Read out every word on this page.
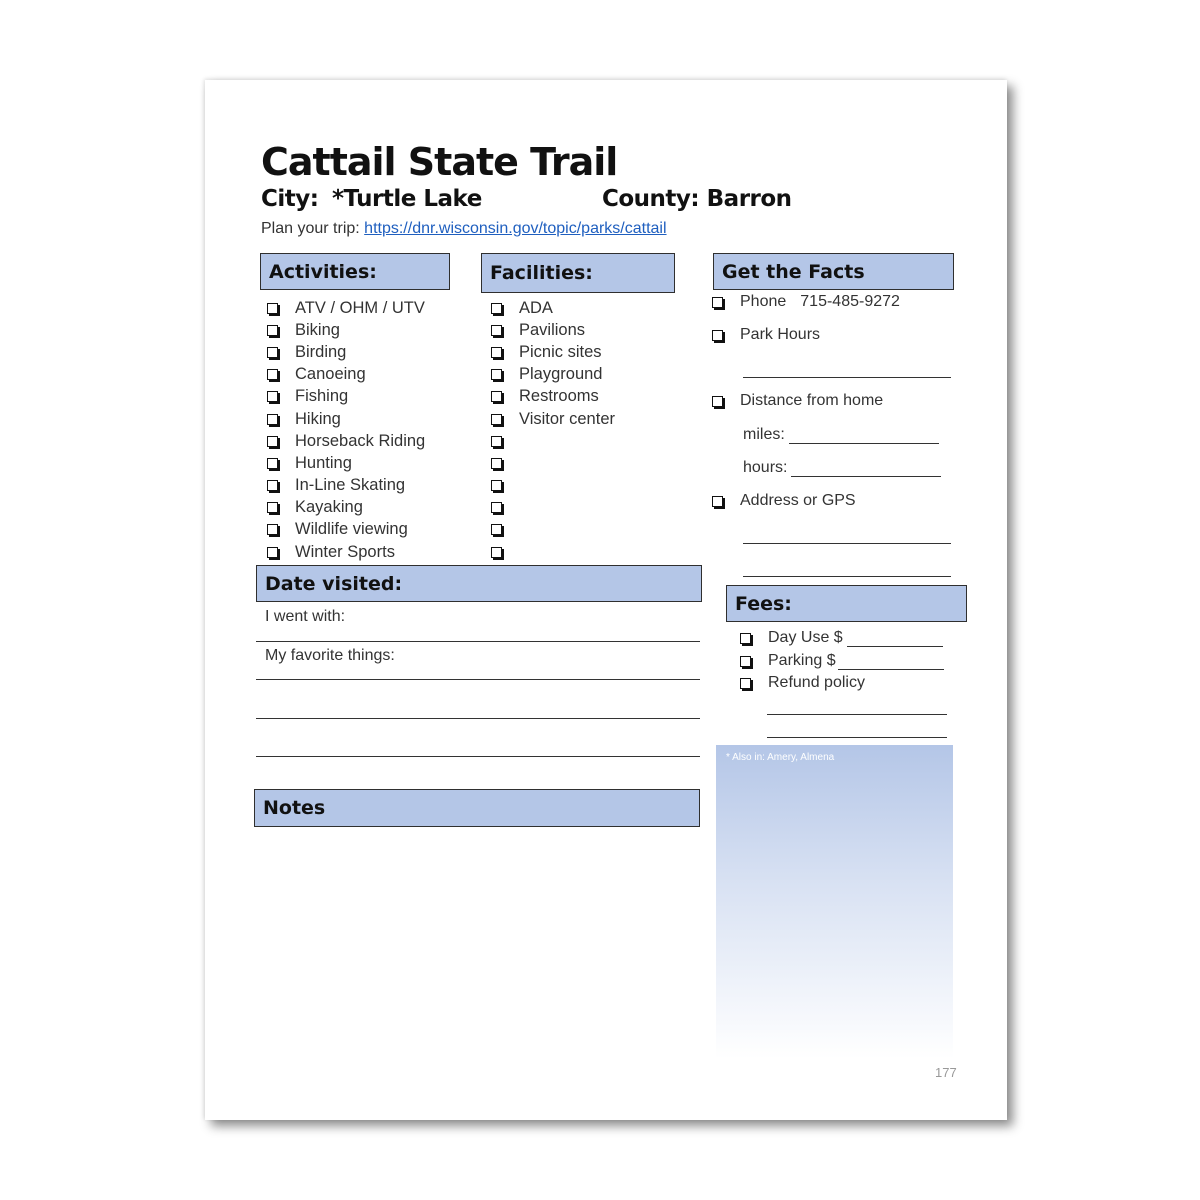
Cattail State Trail
City: *Turtle Lake	County: Barron
Plan your trip: https://dnr.wisconsin.gov/topic/parks/cattail
Activities:
ATV / OHM / UTV
Biking
Birding
Canoeing
Fishing
Hiking
Horseback Riding
Hunting
In-Line Skating
Kayaking
Wildlife viewing
Winter Sports
Facilities:
ADA
Pavilions
Picnic sites
Playground
Restrooms
Visitor center
Get the Facts
Phone 715-485-9272
Park Hours
Distance from home
miles:
hours:
Address or GPS
Date visited:
I went with:
My favorite things:
Fees:
Day Use $
Parking $
Refund policy
Notes
* Also in: Amery, Almena
177
